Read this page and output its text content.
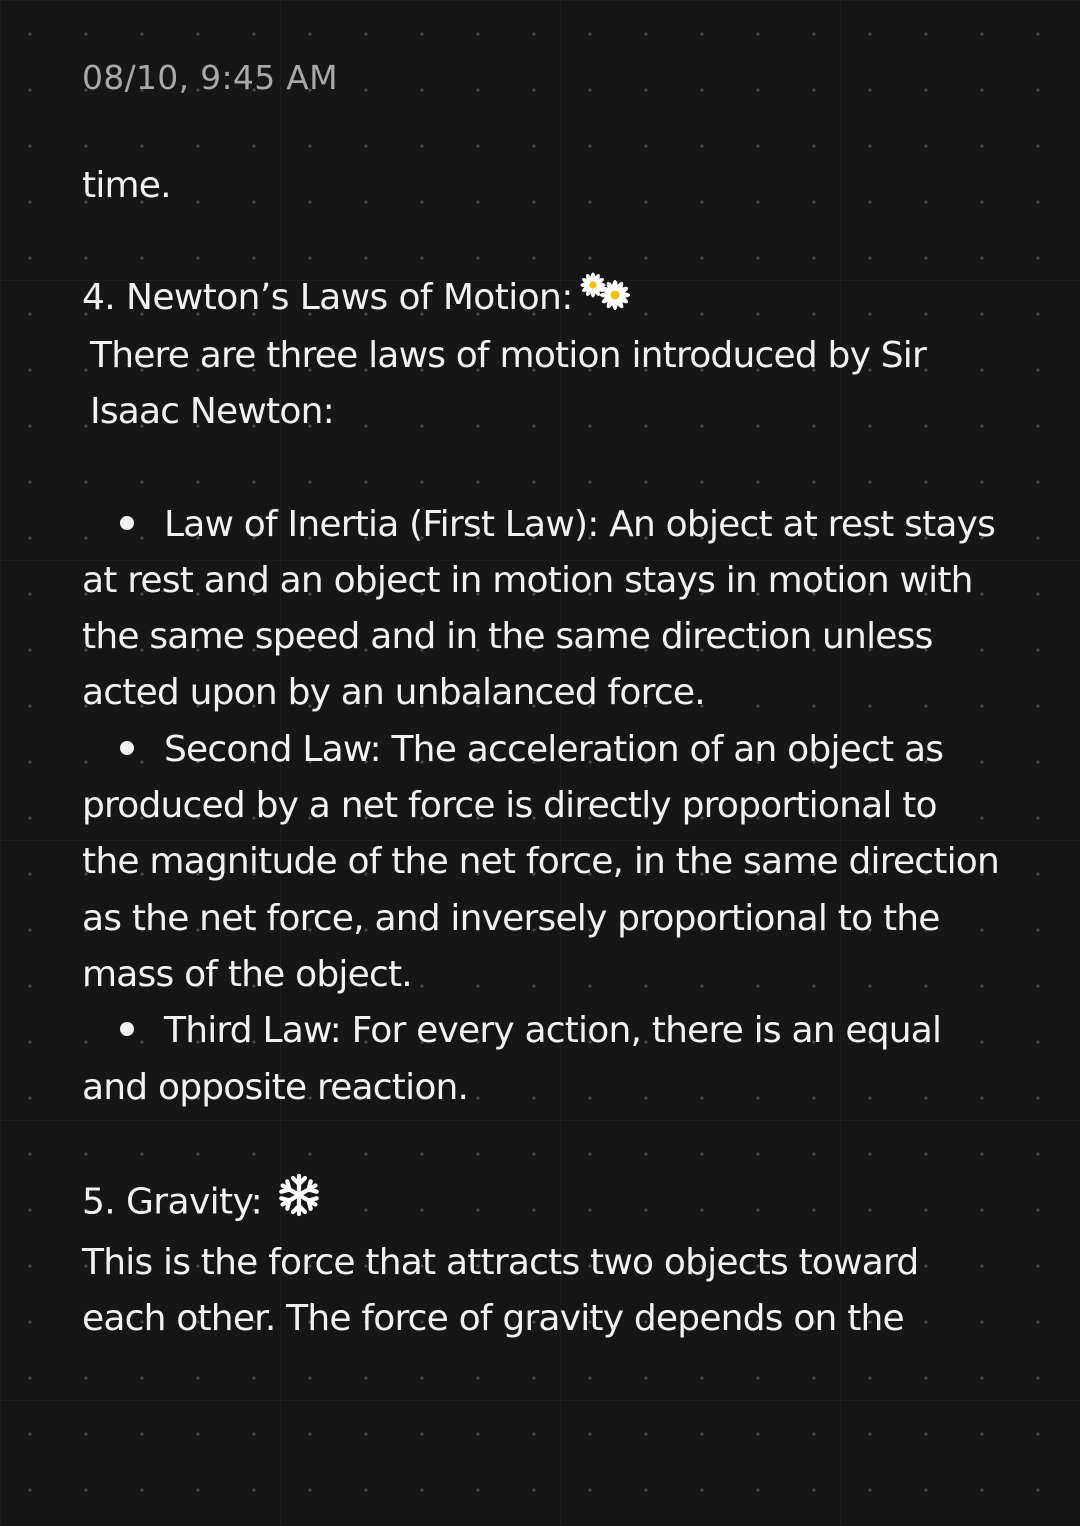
08/10, 9:45 AM

time.

4. Newton’s Laws of Motion:

There are three laws of motion introduced by Sir Isaac Newton:

Law of Inertia (First Law): An object at rest stays at rest and an object in motion stays in motion with the same speed and in the same direction unless acted upon by an unbalanced force.

Second Law: The acceleration of an object as produced by a net force is directly proportional to the magnitude of the net force, in the same direction as the net force, and inversely proportional to the mass of the object.

Third Law: For every action, there is an equal and opposite reaction.

5. Gravity:

This is the force that attracts two objects toward each other. The force of gravity depends on the
